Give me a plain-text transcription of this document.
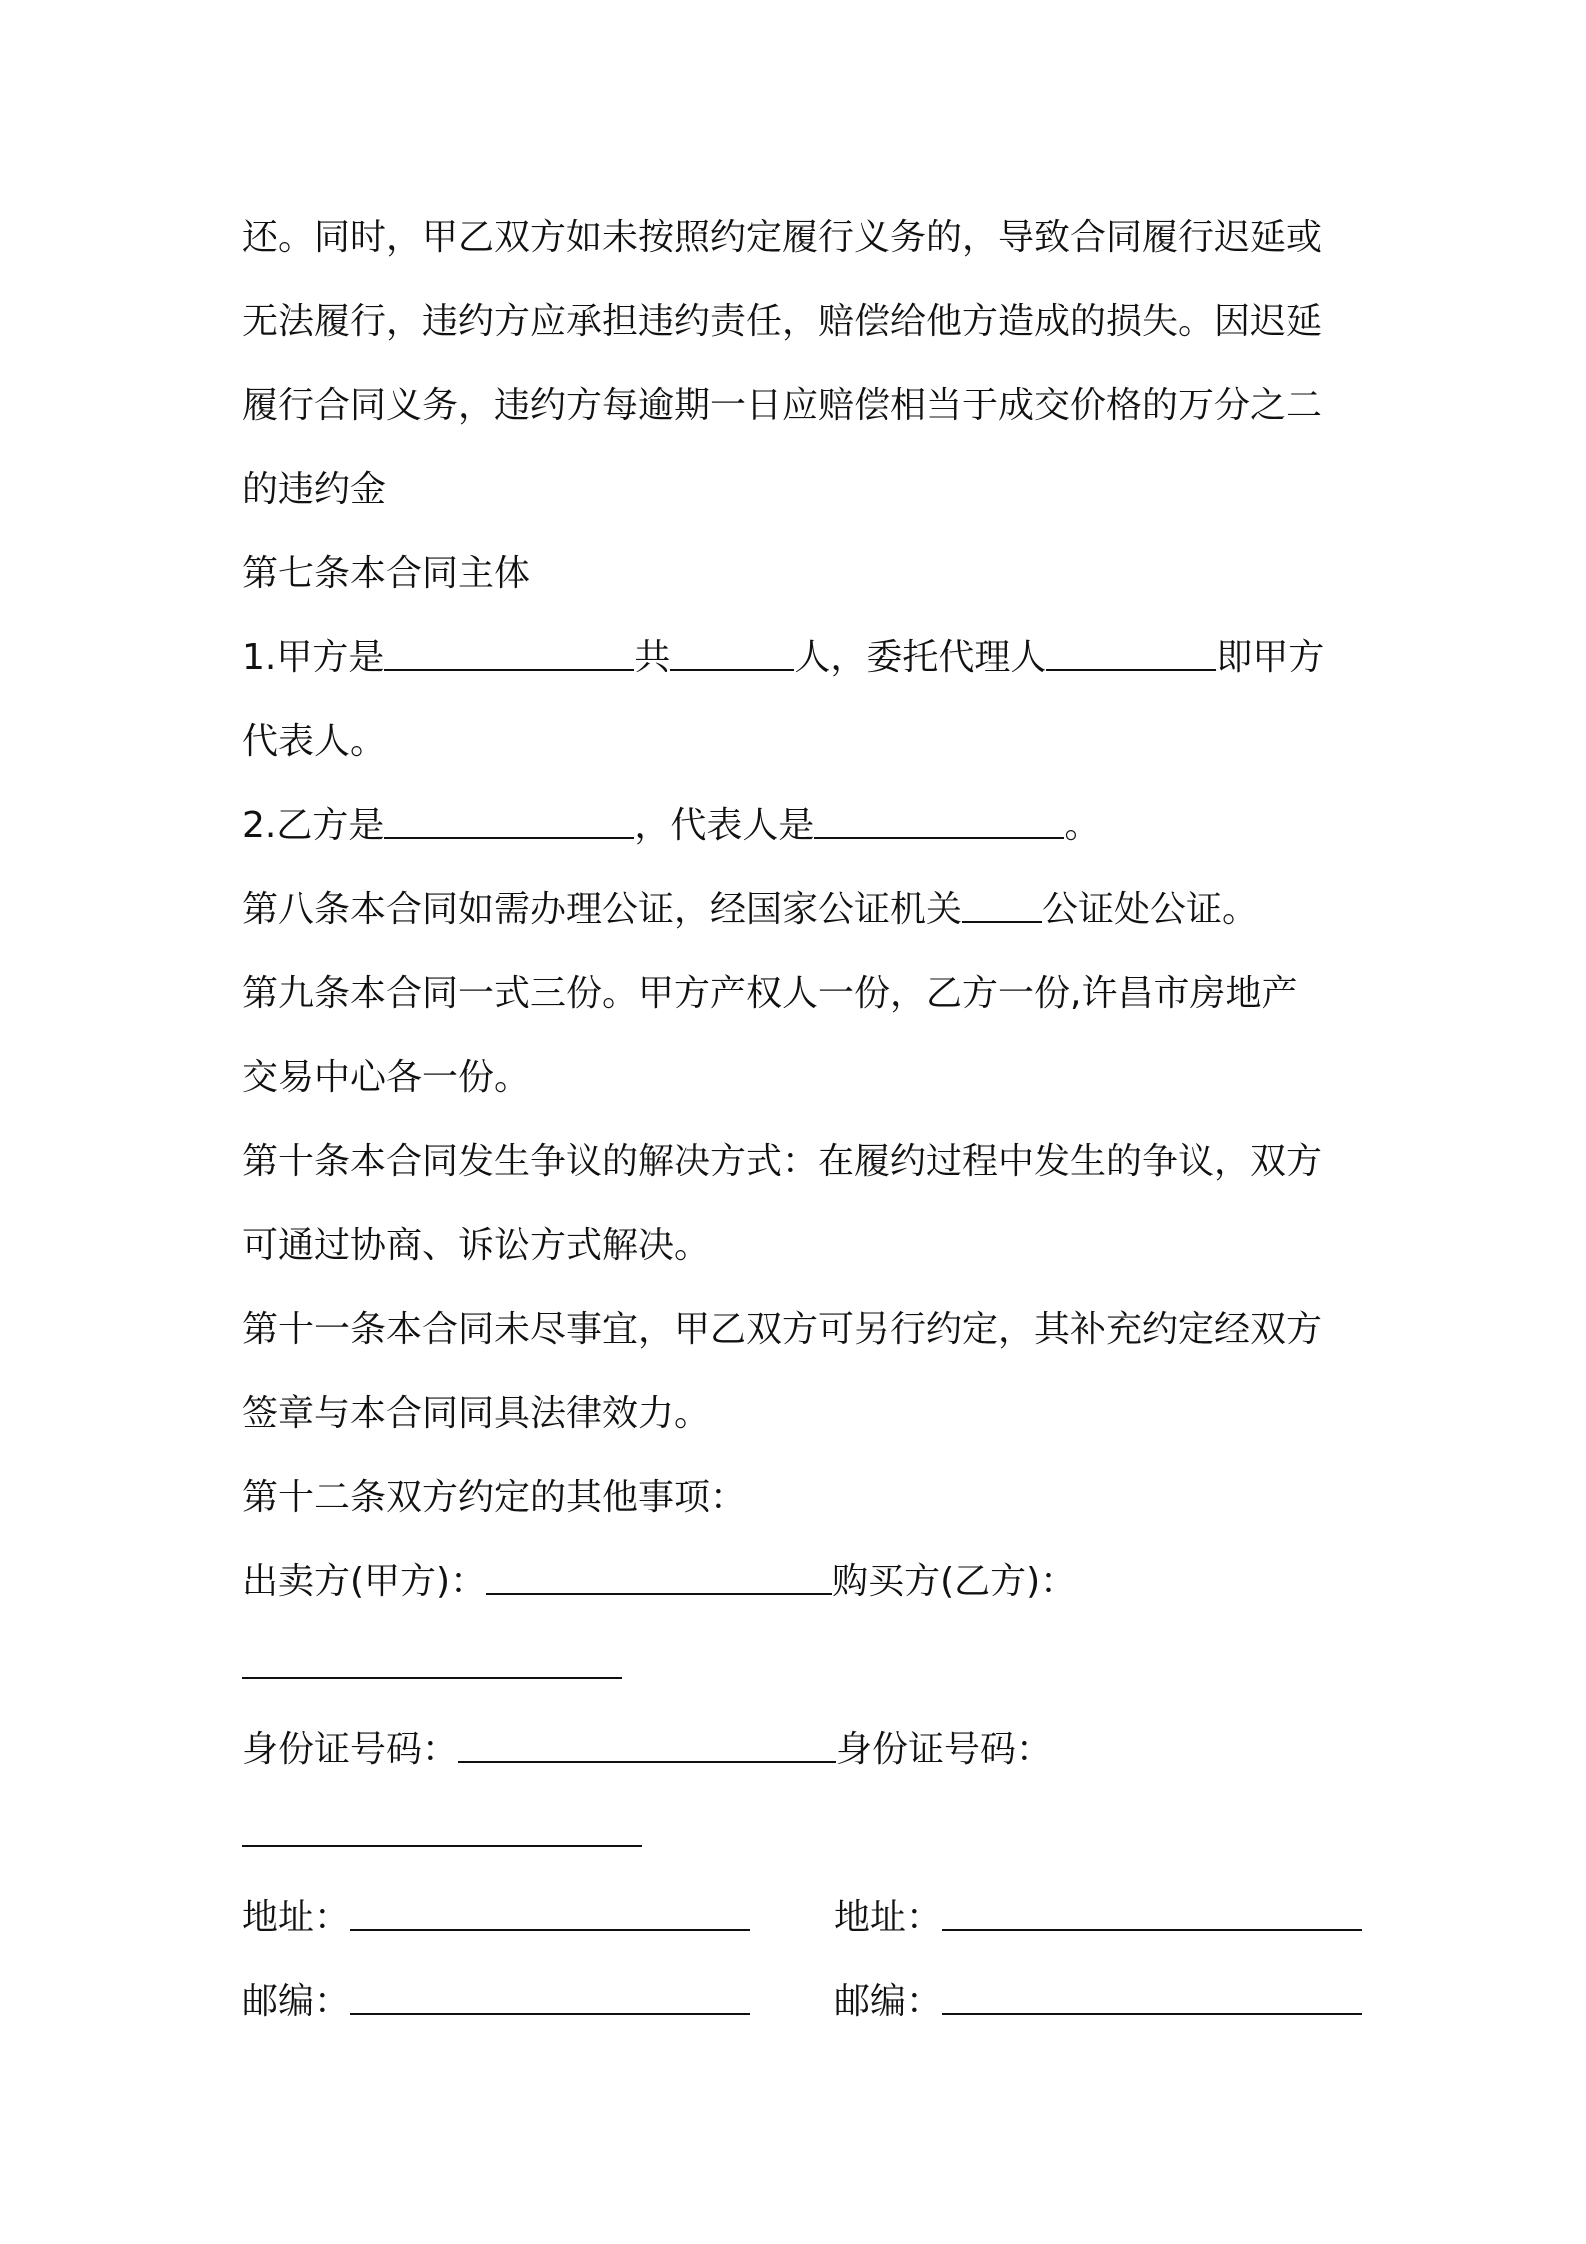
还。同时，甲乙双方如未按照约定履行义务的，导致合同履行迟延或
无法履行，违约方应承担违约责任，赔偿给他方造成的损失。因迟延
履行合同义务，违约方每逾期一日应赔偿相当于成交价格的万分之二
的违约金
第七条本合同主体
1.甲方是	共	人，委托代理人	即甲方
代表人。
2.乙方是	，代表人是	。
第八条本合同如需办理公证，经国家公证机关 公证处公证。
第九条本合同一式三份。甲方产权人一份，乙方一份,许昌市房地产
交易中心各一份。
第十条本合同发生争议的解决方式：在履约过程中发生的争议，双方
可通过协商、诉讼方式解决。
第十一条本合同未尽事宜，甲乙双方可另行约定，其补充约定经双方
签章与本合同同具法律效力。
第十二条双方约定的其他事项：
出卖方(甲方)：	购买方(乙方)：
身份证号码：	身份证号码：
地址：	地址：
邮编：	邮编：
